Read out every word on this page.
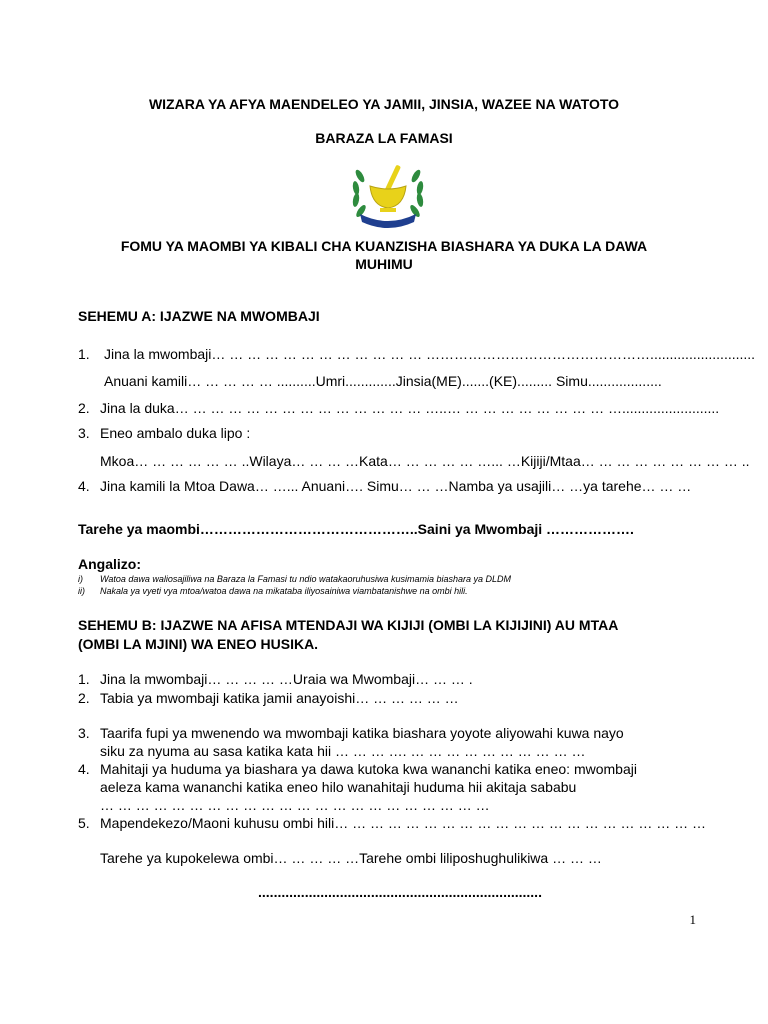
WIZARA YA AFYA MAENDELEO YA JAMII, JINSIA, WAZEE NA WATOTO
BARAZA LA FAMASI
FOMU YA MAOMBI YA KIBALI CHA KUANZISHA BIASHARA YA DUKA LA DAWA
MUHIMU
SEHEMU A: IJAZWE NA MWOMBAJI
1. Jina la mwombaji… … … … … … … … … … … … …………………………………………...........................
Anuani kamili… … … … … ..........Umri.............Jinsia(ME).......(KE)......... Simu...................
2. Jina la duka… … … … … … … … … … … … … … …..… … … … … … … … … ….........................
3. Eneo ambalo duka lipo :
Mkoa… … … … … … ..Wilaya… … … …Kata… … … … … …... …Kijiji/Mtaa… … … … … … … … … ..
4. Jina kamili la Mtoa Dawa… …... Anuani…. Simu… … …Namba ya usajili… …ya tarehe… … …
Tarehe ya maombi………………………………………..Saini ya Mwombaji ……………….
Angalizo:
i) Watoa dawa waliosajiliwa na Baraza la Famasi tu ndio watakaoruhusiwa kusimamia biashara ya DLDM
ii) Nakala ya vyeti vya mtoa/watoa dawa na mikataba iliyosainiwa viambatanishwe na ombi hili.
SEHEMU B: IJAZWE NA AFISA MTENDAJI WA KIJIJI (OMBI LA KIJIJINI) AU MTAA
(OMBI LA MJINI) WA ENEO HUSIKA.
1. Jina la mwombaji… … … … …Uraia wa Mwombaji… … … .
2. Tabia ya mwombaji katika jamii anayoishi… … … … … …
3. Taarifa fupi ya mwenendo wa mwombaji katika biashara yoyote aliyowahi kuwa nayo
siku za nyuma au sasa katika kata hii … … … …. … … … … … … … … … …
4. Mahitaji ya huduma ya biashara ya dawa kutoka kwa wananchi katika eneo: mwombaji
aeleza kama wananchi katika eneo hilo wanahitaji huduma hii akitaja sababu
… … … … … … … … … … … … … … … … … … … … … …
5. Mapendekezo/Maoni kuhusu ombi hili… … … … … … … … … … … … … … … … … … … … …
Tarehe ya kupokelewa ombi… … … … …Tarehe ombi liliposhughulikiwa … … …
.........................................................................
1
